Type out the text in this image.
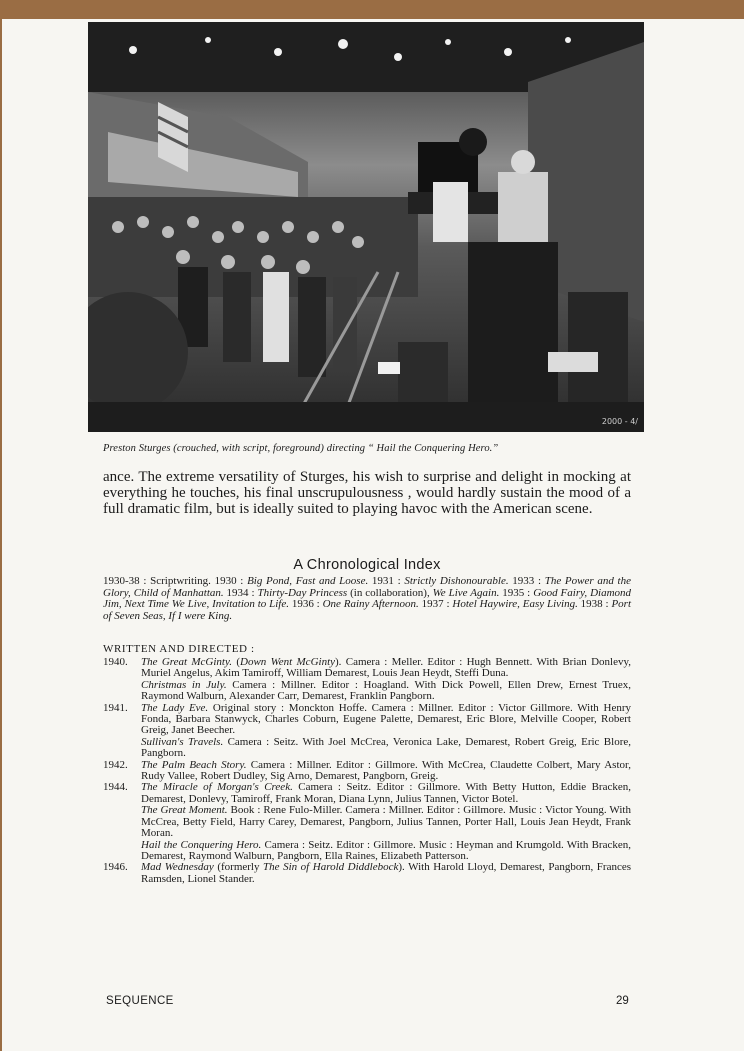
2000 - 4/
Preston Sturges (crouched, with script, foreground) directing “ Hail the Conquering Hero.”
ance. The extreme versatility of Sturges, his wish to surprise and delight in mocking at everything he touches, his final unscrupulousness , would hardly sustain the mood of a full dramatic film, but is ideally suited to playing havoc with the American scene.
A Chronological Index
1930-38 : Scriptwriting. 1930 : Big Pond, Fast and Loose. 1931 : Strictly Dishonourable. 1933 : The Power and the Glory, Child of Manhattan. 1934 : Thirty-Day Princess (in collaboration), We Live Again. 1935 : Good Fairy, Diamond Jim, Next Time We Live, Invitation to Life. 1936 : One Rainy Afternoon. 1937 : Hotel Haywire, Easy Living. 1938 : Port of Seven Seas, If I were King.
WRITTEN AND DIRECTED :
1940. The Great McGinty. (Down Went McGinty). Camera : Meller. Editor : Hugh Bennett. With Brian Donlevy, Muriel Angelus, Akim Tamiroff, William Demarest, Louis Jean Heydt, Steffi Duna.
Christmas in July. Camera : Millner. Editor : Hoagland. With Dick Powell, Ellen Drew, Ernest Truex, Raymond Walburn, Alexander Carr, Demarest, Franklin Pangborn.
1941. The Lady Eve. Original story : Monckton Hoffe. Camera : Millner. Editor : Victor Gillmore. With Henry Fonda, Barbara Stanwyck, Charles Coburn, Eugene Palette, Demarest, Eric Blore, Melville Cooper, Robert Greig, Janet Beecher.
Sullivan's Travels. Camera : Seitz. With Joel McCrea, Veronica Lake, Demarest, Robert Greig, Eric Blore, Pangborn.
1942. The Palm Beach Story. Camera : Millner. Editor : Gillmore. With McCrea, Claudette Colbert, Mary Astor, Rudy Vallee, Robert Dudley, Sig Arno, Demarest, Pangborn, Greig.
1944. The Miracle of Morgan's Creek. Camera : Seitz. Editor : Gillmore. With Betty Hutton, Eddie Bracken, Demarest, Donlevy, Tamiroff, Frank Moran, Diana Lynn, Julius Tannen, Victor Botel.
The Great Moment. Book : Rene Fulo-Miller. Camera : Millner. Editor : Gillmore. Music : Victor Young. With McCrea, Betty Field, Harry Carey, Demarest, Pangborn, Julius Tannen, Porter Hall, Louis Jean Heydt, Frank Moran.
Hail the Conquering Hero. Camera : Seitz. Editor : Gillmore. Music : Heyman and Krumgold. With Bracken, Demarest, Raymond Walburn, Pangborn, Ella Raines, Elizabeth Patterson.
1946. Mad Wednesday (formerly The Sin of Harold Diddlebock). With Harold Lloyd, Demarest, Pangborn, Frances Ramsden, Lionel Stander.
SEQUENCE	29
